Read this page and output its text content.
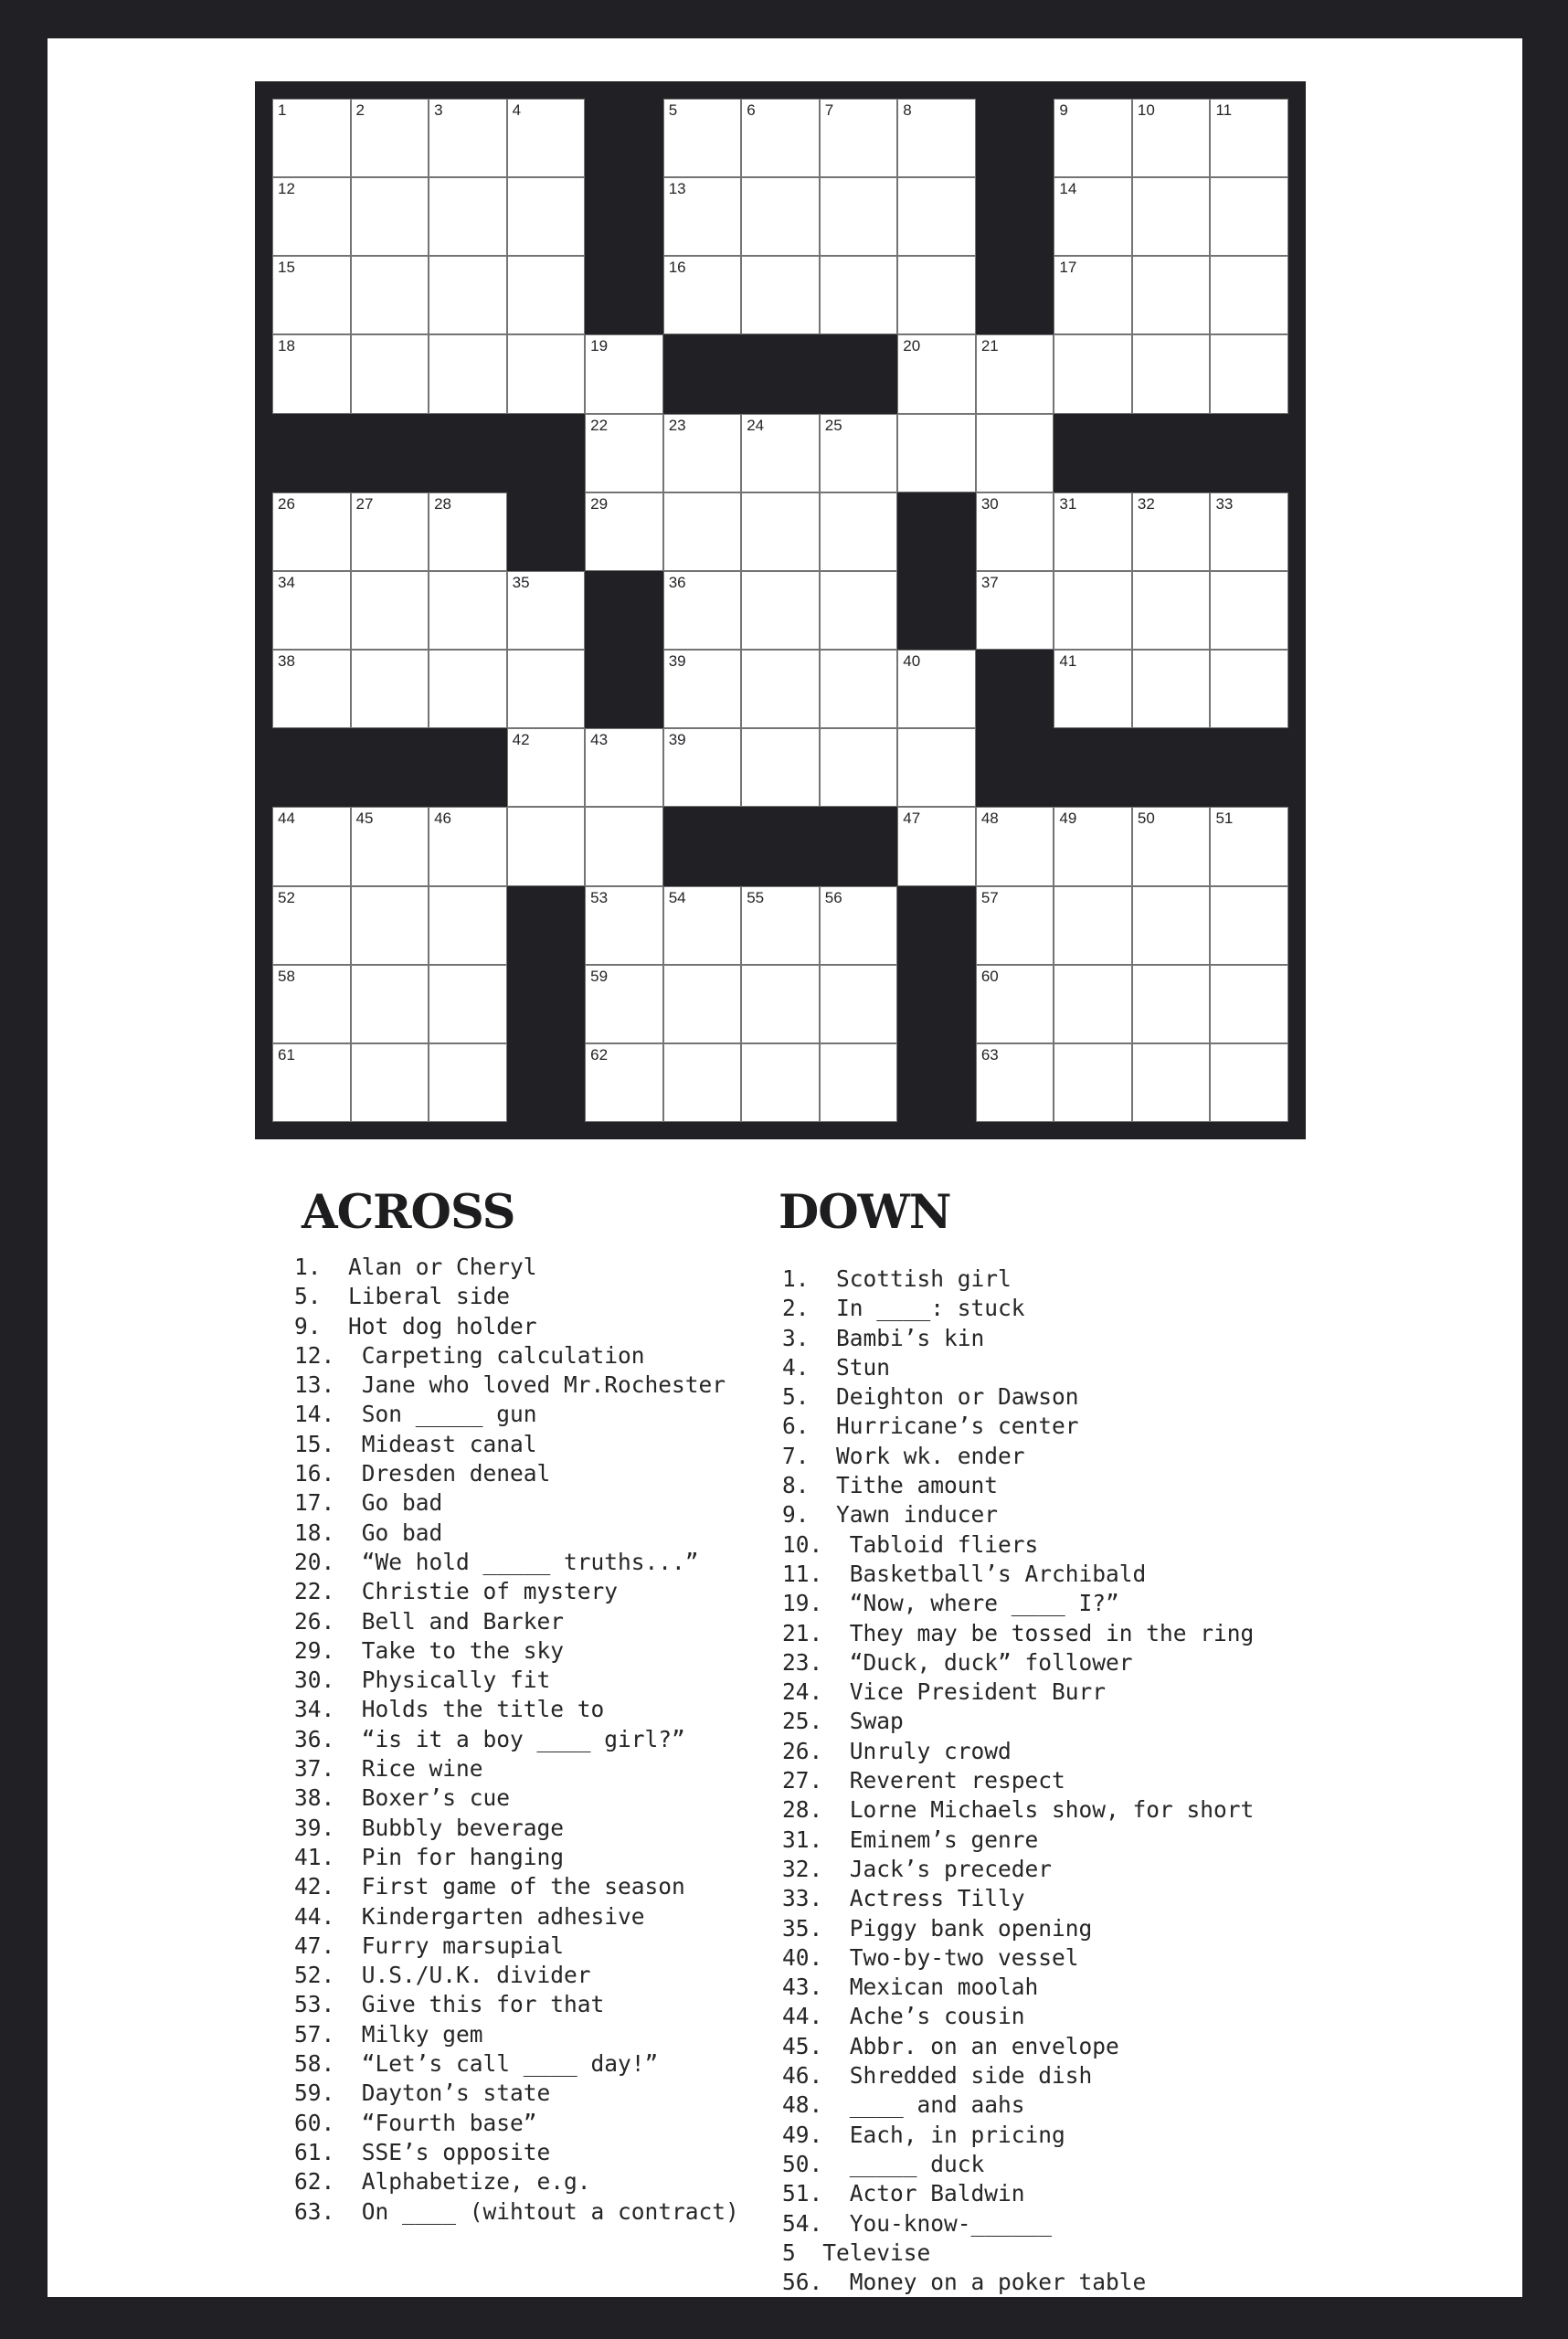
1	2	3	4	5	6	7	8	9	10	11
12	13	14
15	16	17
18	19	20	21
22	23	24	25
26	27	28	29	30	31	32	33
34	35	36	37
38	39	40	41
42	43	39
44	45	46	47	48	49	50	51
52	53	54	55	56	57
58	59	60
61	62	63
ACROSS	DOWN
1.  Alan or Cheryl
5.  Liberal side
9.  Hot dog holder
12.  Carpeting calculation
13.  Jane who loved Mr.Rochester
14.  Son _____ gun
15.  Mideast canal
16.  Dresden deneal
17.  Go bad
18.  Go bad
20.  “We hold _____ truths...”
22.  Christie of mystery
26.  Bell and Barker
29.  Take to the sky
30.  Physically fit
34.  Holds the title to
36.  “is it a boy ____ girl?”
37.  Rice wine
38.  Boxer’s cue
39.  Bubbly beverage
41.  Pin for hanging
42.  First game of the season
44.  Kindergarten adhesive
47.  Furry marsupial
52.  U.S./U.K. divider
53.  Give this for that
57.  Milky gem
58.  “Let’s call ____ day!”
59.  Dayton’s state
60.  “Fourth base”
61.  SSE’s opposite
62.  Alphabetize, e.g.
63.  On ____ (wihtout a contract)
1.  Scottish girl
2.  In ____: stuck
3.  Bambi’s kin
4.  Stun
5.  Deighton or Dawson
6.  Hurricane’s center
7.  Work wk. ender
8.  Tithe amount
9.  Yawn inducer
10.  Tabloid fliers
11.  Basketball’s Archibald
19.  “Now, where ____ I?”
21.  They may be tossed in the ring
23.  “Duck, duck” follower
24.  Vice President Burr
25.  Swap
26.  Unruly crowd
27.  Reverent respect
28.  Lorne Michaels show, for short
31.  Eminem’s genre
32.  Jack’s preceder
33.  Actress Tilly
35.  Piggy bank opening
40.  Two-by-two vessel
43.  Mexican moolah
44.  Ache’s cousin
45.  Abbr. on an envelope
46.  Shredded side dish
48.  ____ and aahs
49.  Each, in pricing
50.  _____ duck
51.  Actor Baldwin
54.  You-know-______
5  Televise
56.  Money on a poker table
